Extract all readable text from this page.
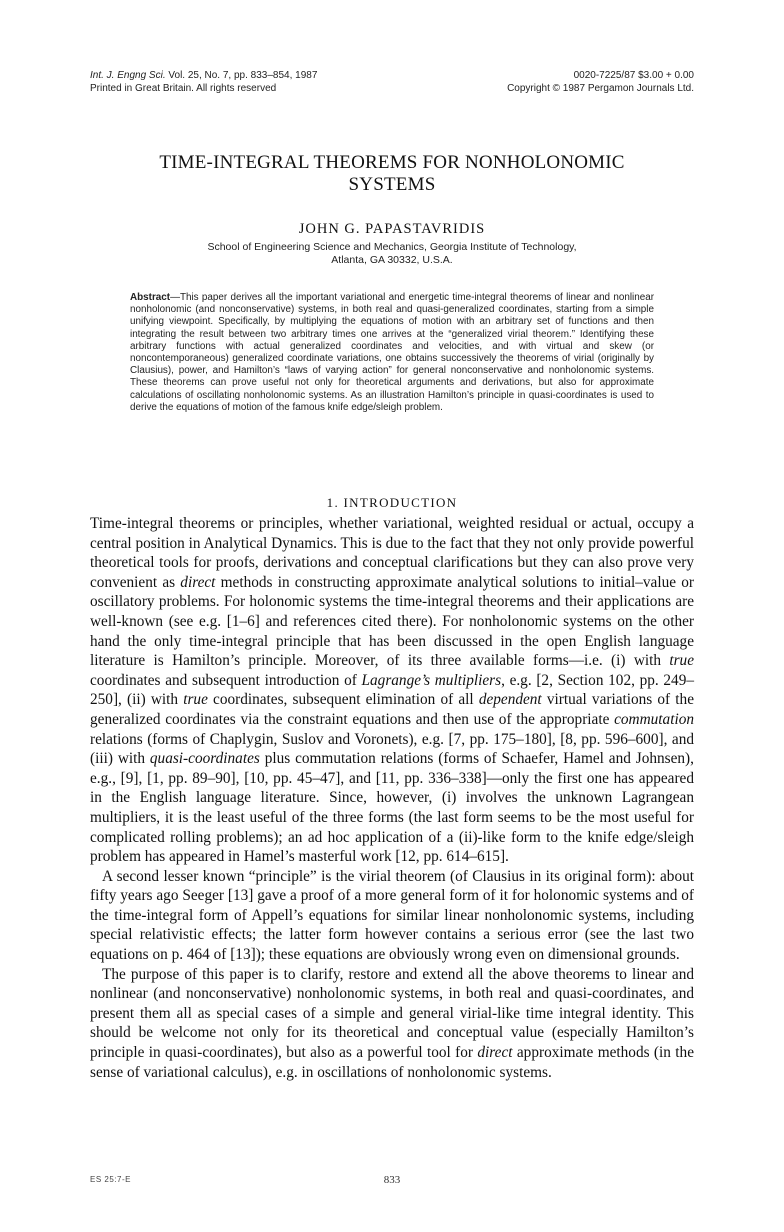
Int. J. Engng Sci. Vol. 25, No. 7, pp. 833–854, 1987
Printed in Great Britain. All rights reserved
0020-7225/87 $3.00 + 0.00
Copyright © 1987 Pergamon Journals Ltd.
TIME-INTEGRAL THEOREMS FOR NONHOLONOMIC
SYSTEMS
JOHN G. PAPASTAVRIDIS
School of Engineering Science and Mechanics, Georgia Institute of Technology,
Atlanta, GA 30332, U.S.A.
Abstract—This paper derives all the important variational and energetic time-integral theorems of linear and nonlinear nonholonomic (and nonconservative) systems, in both real and quasi-generalized coordinates, starting from a simple unifying viewpoint. Specifically, by multiplying the equations of motion with an arbitrary set of functions and then integrating the result between two arbitrary times one arrives at the “generalized virial theorem.” Identifying these arbitrary functions with actual generalized coordinates and velocities, and with virtual and skew (or noncontemporaneous) generalized coordinate variations, one obtains successively the theorems of virial (originally by Clausius), power, and Hamilton’s “laws of varying action” for general nonconservative and nonholonomic systems. These theorems can prove useful not only for theoretical arguments and derivations, but also for approximate calculations of oscillating nonholonomic systems. As an illustration Hamilton’s principle in quasi-coordinates is used to derive the equations of motion of the famous knife edge/sleigh problem.
1. INTRODUCTION

Time-integral theorems or principles, whether variational, weighted residual or actual, occupy a central position in Analytical Dynamics. This is due to the fact that they not only provide powerful theoretical tools for proofs, derivations and conceptual clarifications but they can also prove very convenient as direct methods in constructing approximate analytical solutions to initial–value or oscillatory problems. For holonomic systems the time-integral theorems and their applications are well-known (see e.g. [1–6] and references cited there). For nonholonomic systems on the other hand the only time-integral principle that has been discussed in the open English language literature is Hamilton’s principle. Moreover, of its three available forms—i.e. (i) with true coordinates and subsequent introduction of Lagrange’s multipliers, e.g. [2, Section 102, pp. 249–250], (ii) with true coordinates, subsequent elimination of all dependent virtual variations of the generalized coordinates via the constraint equations and then use of the appropriate commutation relations (forms of Chaplygin, Suslov and Voronets), e.g. [7, pp. 175–180], [8, pp. 596–600], and (iii) with quasi-coordinates plus commutation relations (forms of Schaefer, Hamel and Johnsen), e.g., [9], [1, pp. 89–90], [10, pp. 45–47], and [11, pp. 336–338]—only the first one has appeared in the English language literature. Since, however, (i) involves the unknown Lagrangean multipliers, it is the least useful of the three forms (the last form seems to be the most useful for complicated rolling problems); an ad hoc application of a (ii)-like form to the knife edge/sleigh problem has appeared in Hamel’s masterful work [12, pp. 614–615].

A second lesser known “principle” is the virial theorem (of Clausius in its original form): about fifty years ago Seeger [13] gave a proof of a more general form of it for holonomic systems and of the time-integral form of Appell’s equations for similar linear nonholonomic systems, including special relativistic effects; the latter form however contains a serious error (see the last two equations on p. 464 of [13]); these equations are obviously wrong even on dimensional grounds.

The purpose of this paper is to clarify, restore and extend all the above theorems to linear and nonlinear (and nonconservative) nonholonomic systems, in both real and quasi-coordinates, and present them all as special cases of a simple and general virial-like time integral identity. This should be welcome not only for its theoretical and conceptual value (especially Hamilton’s principle in quasi-coordinates), but also as a powerful tool for direct approximate methods (in the sense of variational calculus), e.g. in oscillations of nonholonomic systems.

ES 25:7-E	833
